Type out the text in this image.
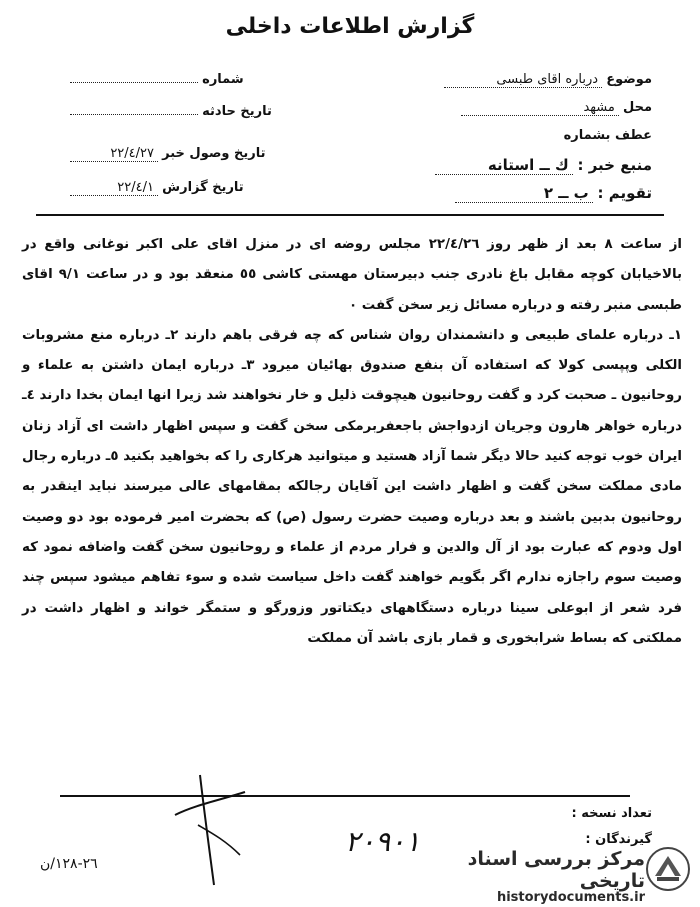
گزارش اطلاعات داخلی
موضوع درباره اقای طبسی
محل مشهد
عطف بشماره
منبع خبر : ك ــ استانه
تقويم : ب ــ ٢
شماره
تاريخ حادثه
تاريخ وصول خبر ٢٢/٤/٢٧
تاريخ گزارش ٢٢/٤/١

از ساعت ٨ بعد از ظهر روز ٢٢/٤/٢٦ مجلس روضه ای در منزل اقای علی اکبر نوغانی واقع در بالاخیابان کوچه مقابل باغ نادری جنب دبیرستان مهستی کاشی ٥٥ منعقد بود و در ساعت ٩/١ اقای طبسی منبر رفته و درباره مسائل زیر سخن گفت ٠

١ـ درباره علمای طبیعی و دانشمندان روان شناس که چه فرقی باهم دارند ٢ـ درباره منع مشروبات الکلی وپپسی کولا که استفاده آن بنفع صندوق بهائیان میرود ٣ـ درباره ایمان داشتن به علماء و روحانیون ـ صحبت کرد و گفت روحانیون هیچوقت ذلیل و خار نخواهند شد زیرا انها ایمان بخدا دارند ٤ـ درباره خواهر هارون وجریان ازدواجش باجعفربرمکی سخن گفت و سپس اظهار داشت ای آزاد زنان ایران خوب توجه کنید حالا دیگر شما آزاد هستید و میتوانید هرکاری را که بخواهید بکنید ٥ـ درباره رجال مادی مملکت سخن گفت و اظهار داشت این آقایان رجالکه بمقامهای عالی میرسند نباید اینقدر به روحانیون بدبین باشند و بعد درباره وصیت حضرت رسول (ص) که بحضرت امیر فرموده بود دو وصیت اول ودوم که عبارت بود از آل والدین و فرار مردم از علماء و روحانیون سخن گفت واضافه نمود که وصیت سوم راجازه ندارم اگر بگویم خواهند گفت داخل سیاست شده و سوء تفاهم میشود سپس چند فرد شعر از ابوعلی سینا درباره دستگاههای دیکتاتور وزورگو و ستمگر خواند و اظهار داشت در مملکتی که بساط شرابخوری و قمار بازی باشد آن مملکت

تعداد نسخه :
گیرندگان :
٢٠٩٠١
٢٦-١٢٨/ن	مرکز بررسی اسناد تاریخی
historydocuments.ir
